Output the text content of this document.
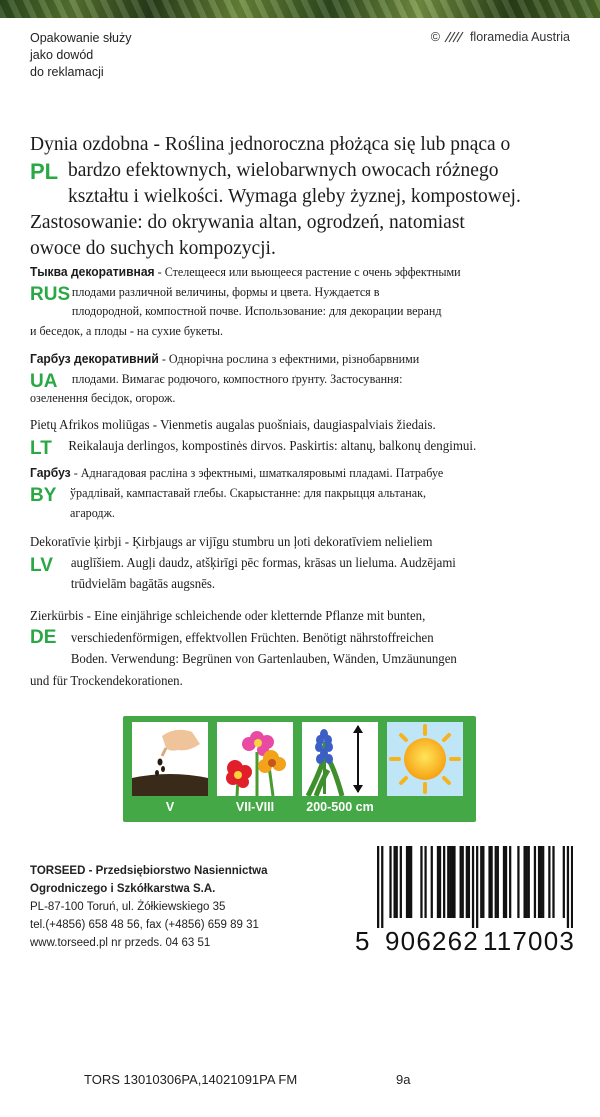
Opakowanie służy
jako dowód
do reklamacji
© floramedia Austria
PL
Dynia ozdobna - Roślina jednoroczna płożąca się lub pnąca o
bardzo efektownych, wielobarwnych owocach różnego
kształtu i wielkości. Wymaga gleby żyznej, kompostowej.
Zastosowanie: do okrywania altan, ogrodzeń, natomiast
owoce do suchych kompozycji.
RUS
Тыква декоративная - Стелещееся или вьющееся растение с очень эффектными
плодами различной величины, формы и цвета. Нуждается в
плодородной, компостной почве. Использование: для декорации веранд
и беседок, а плоды - на сухие букеты.
UA
Гарбуз декоративний - Однорічна рослина з ефектними, різнобарвними
плодами. Вимагає родючого, компостного ґрунту. Застосування:
озеленення бесідок, огорож.
LT
Pietų Afrikos moliūgas - Vienmetis augalas puošniais, daugiaspalviais žiedais.
Reikalauja derlingos, kompostinės dirvos. Paskirtis: altanų, balkonų dengimui.
BY
Гарбуз - Аднагадовая расліна з эфектнымі, шматкаляровымі пладамі. Патрабуе
ўрадлівай, кампаставай глебы. Скарыстанне: для пакрыцця альтанак,
агародж.
LV
Dekoratīvie ķirbji - Ķirbjaugs ar vijīgu stumbru un ļoti dekoratīviem nelieliem
auglīšiem. Augļi daudz, atšķirīgi pēc formas, krāsas un lieluma. Audzējami
trūdvielām bagātās augsnēs.
DE
Zierkürbis - Eine einjährige schleichende oder kletternde Pflanze mit bunten,
verschiedenförmigen, effektvollen Früchten. Benötigt nährstoffreichen
Boden. Verwendung: Begrünen von Gartenlauben, Wänden, Umzäunungen
und für Trockendekorationen.
V	VII-VIII	200-500 cm
TORSEED - Przedsiębiorstwo Nasiennictwa
Ogrodniczego i Szkółkarstwa S.A.
PL-87-100 Toruń, ul. Żółkiewskiego 35
tel.(+4856) 658 48 56, fax (+4856) 659 89 31
www.torseed.pl nr przeds. 04 63 51	5 906262 117003
TORS 13010306PA,14021091PA FM	9a
